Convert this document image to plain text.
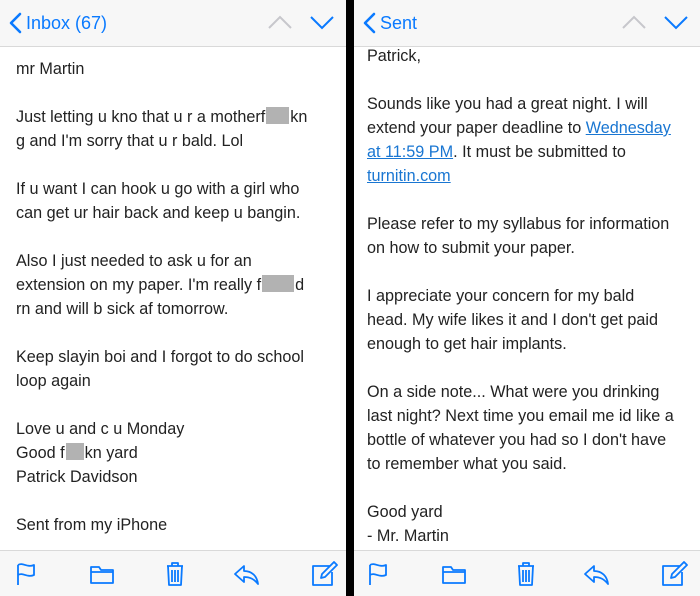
Inbox (67)

mr Martin

Just letting u kno that u r a motherf kn
g and I'm sorry that u r bald. Lol

If u want I can hook u go with a girl who
can get ur hair back and keep u bangin.

Also I just needed to ask u for an
extension on my paper. I'm really f d
rn and will b sick af tomorrow.

Keep slayin boi and I forgot to do school
loop again

Love u and c u Monday
Good f kn yard
Patrick Davidson

Sent from my iPhone

Sent

Patrick,

Sounds like you had a great night. I will
extend your paper deadline to Wednesday
at 11:59 PM. It must be submitted to
turnitin.com

Please refer to my syllabus for information
on how to submit your paper.

I appreciate your concern for my bald
head. My wife likes it and I don't get paid
enough to get hair implants.

On a side note... What were you drinking
last night? Next time you email me id like a
bottle of whatever you had so I don't have
to remember what you said.

Good yard
- Mr. Martin
